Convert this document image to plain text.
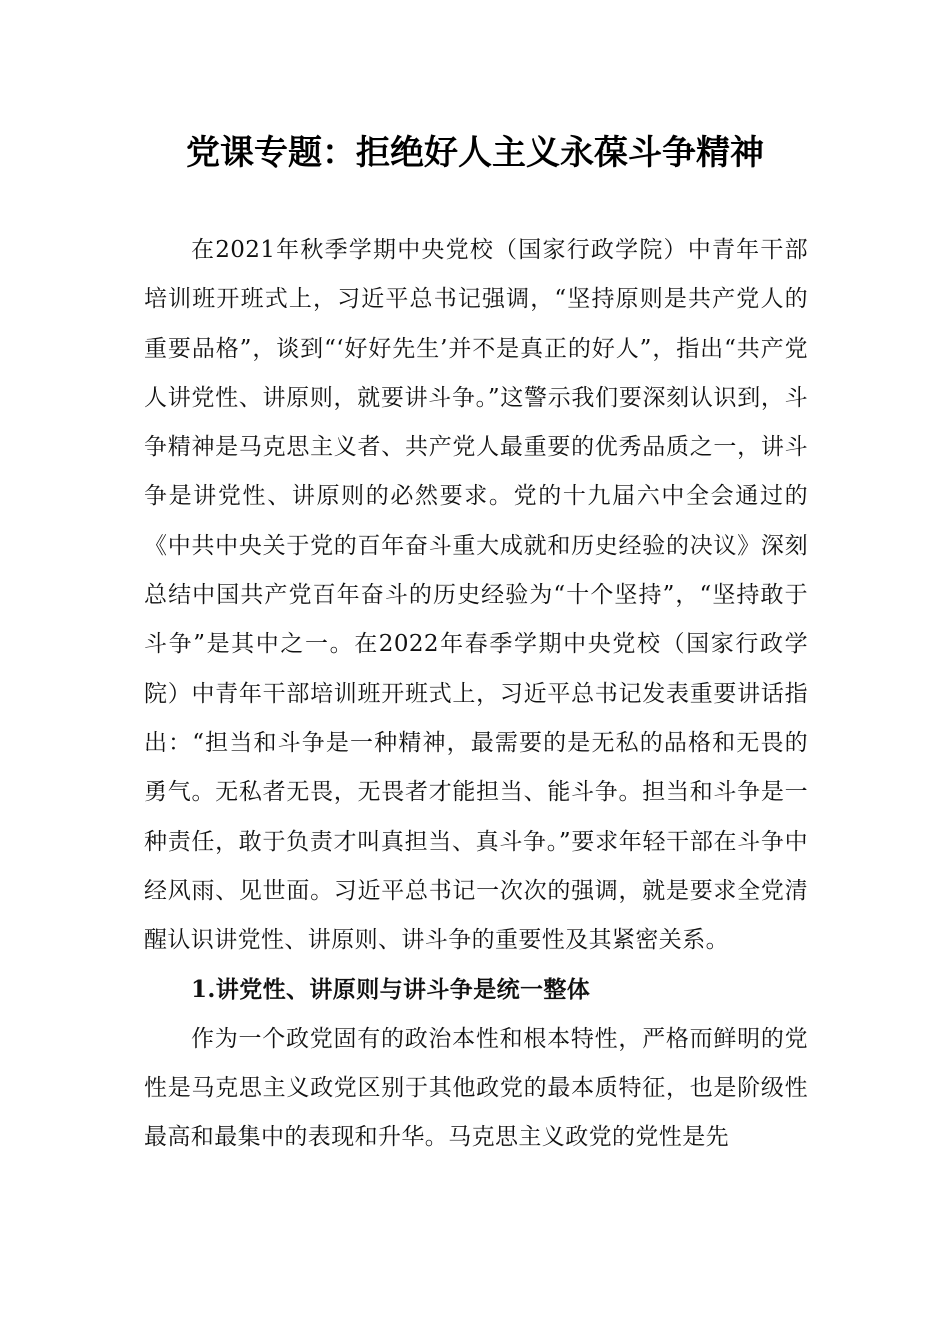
党课专题：拒绝好人主义永葆斗争精神

在2021年秋季学期中央党校（国家行政学院）中青年干部培训班开班式上，习近平总书记强调，“坚持原则是共产党人的重要品格”，谈到“‘好好先生’并不是真正的好人”，指出“共产党人讲党性、讲原则，就要讲斗争。”这警示我们要深刻认识到，斗争精神是马克思主义者、共产党人最重要的优秀品质之一，讲斗争是讲党性、讲原则的必然要求。党的十九届六中全会通过的《中共中央关于党的百年奋斗重大成就和历史经验的决议》深刻总结中国共产党百年奋斗的历史经验为“十个坚持”，“坚持敢于斗争”是其中之一。在2022年春季学期中央党校（国家行政学院）中青年干部培训班开班式上，习近平总书记发表重要讲话指出：“担当和斗争是一种精神，最需要的是无私的品格和无畏的勇气。无私者无畏，无畏者才能担当、能斗争。担当和斗争是一种责任，敢于负责才叫真担当、真斗争。”要求年轻干部在斗争中经风雨、见世面。习近平总书记一次次的强调，就是要求全党清醒认识讲党性、讲原则、讲斗争的重要性及其紧密关系。

1.讲党性、讲原则与讲斗争是统一整体

作为一个政党固有的政治本性和根本特性，严格而鲜明的党性是马克思主义政党区别于其他政党的最本质特征，也是阶级性最高和最集中的表现和升华。马克思主义政党的党性是先
